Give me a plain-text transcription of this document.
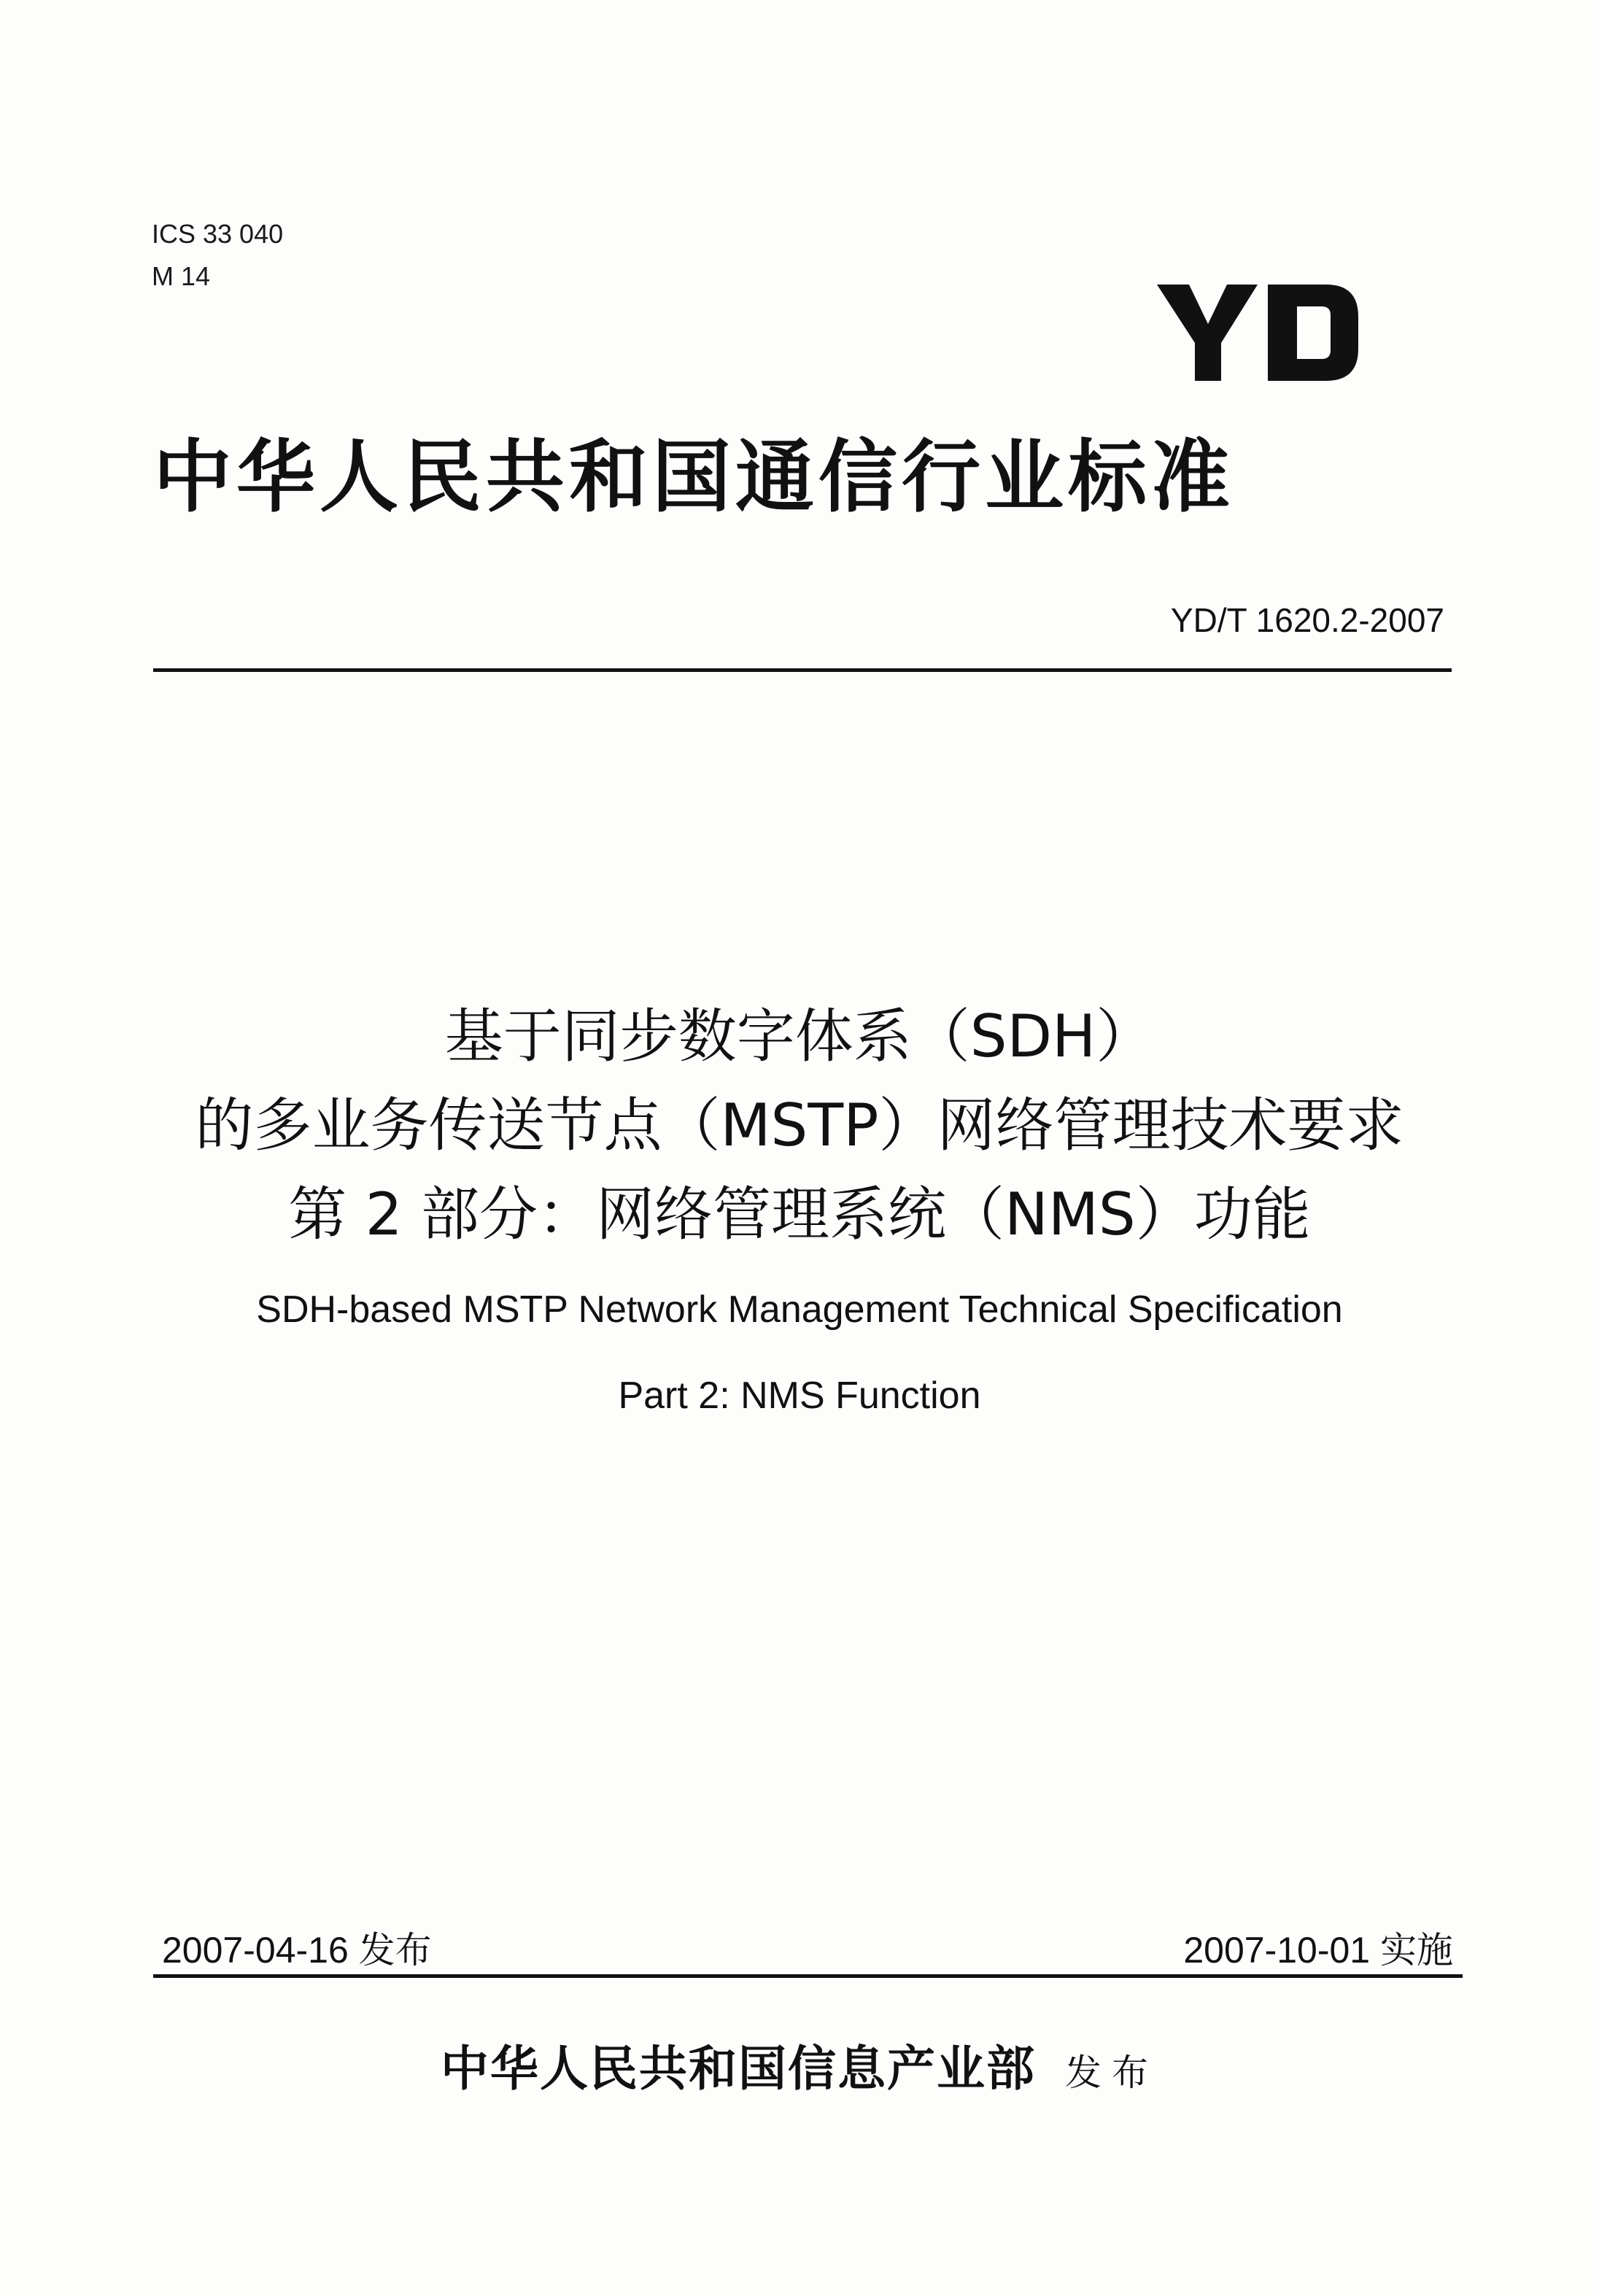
ICS 33 040
M 14
中华人民共和国通信行业标准
YD/T 1620.2-2007
基于同步数字体系（SDH）
的多业务传送节点（MSTP）网络管理技术要求
第 2 部分：网络管理系统（NMS）功能
SDH-based MSTP Network Management Technical Specification
Part 2: NMS Function
2007-04-16 发布	2007-10-01 实施
中华人民共和国信息产业部 发布
